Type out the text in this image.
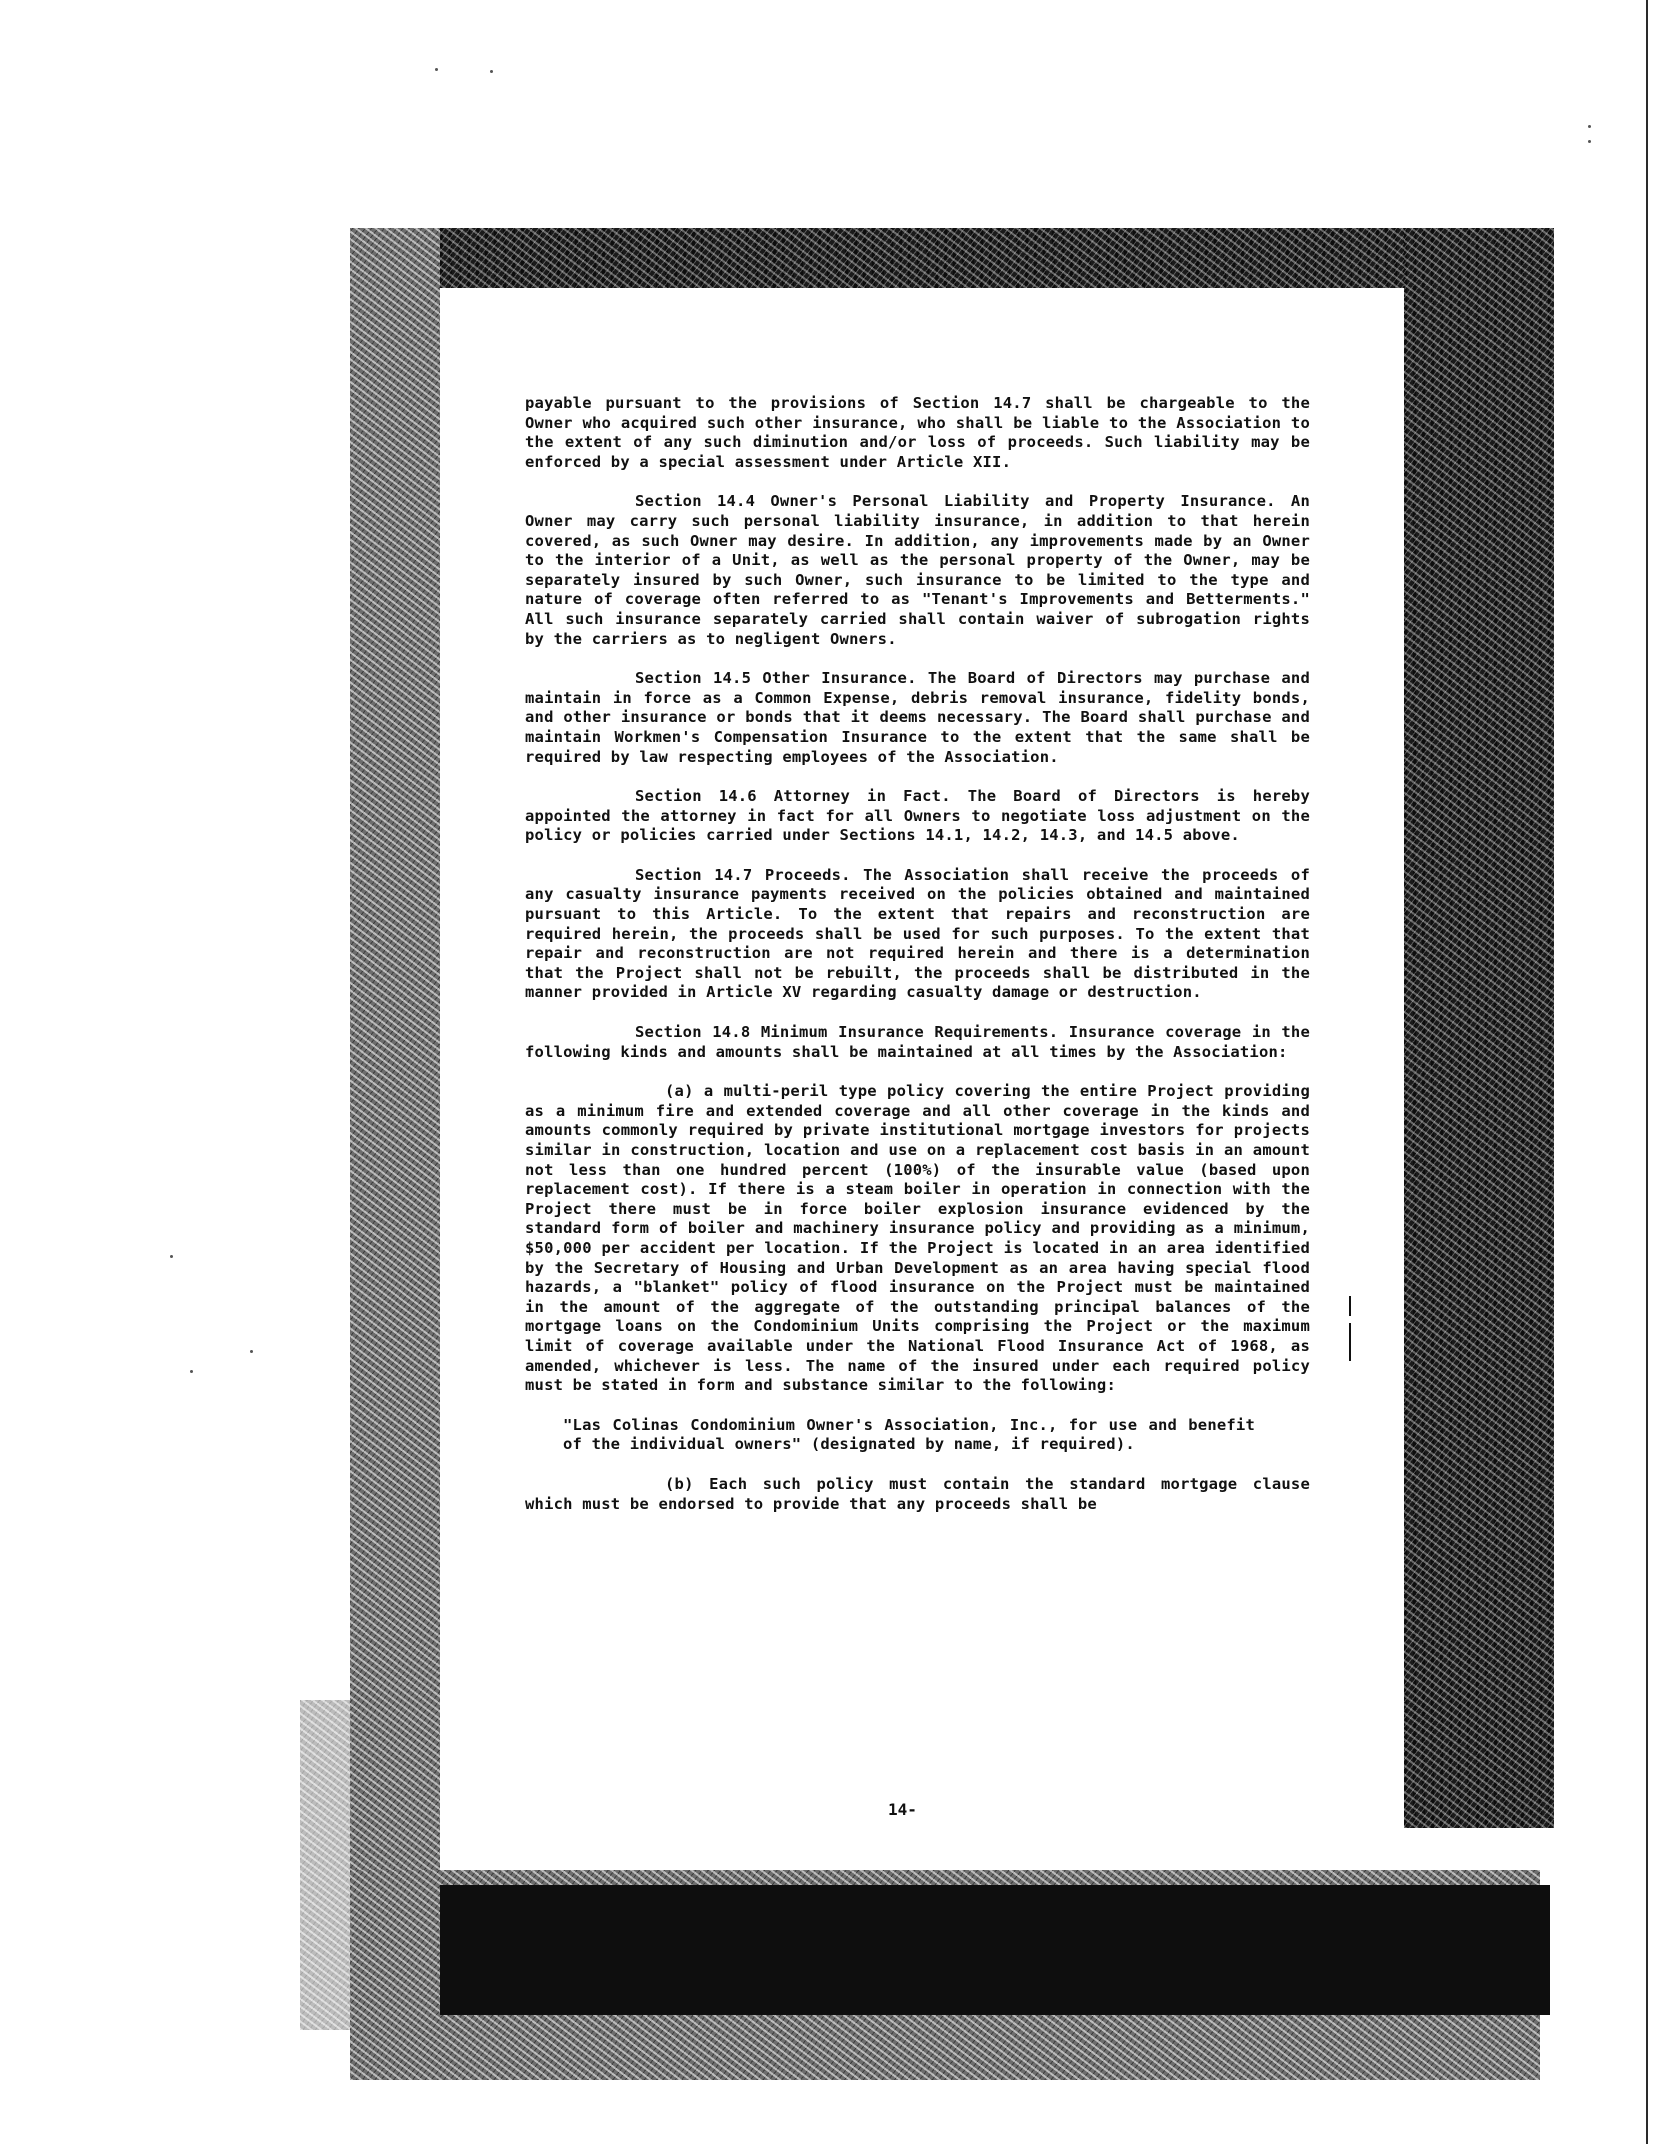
payable pursuant to the provisions of Section 14.7 shall be chargeable to the Owner who acquired such other insurance, who shall be liable to the Association to the extent of any such diminution and/or loss of proceeds. Such liability may be enforced by a special assessment under Article XII.

Section 14.4 Owner's Personal Liability and Property Insurance. An Owner may carry such personal liability insurance, in addition to that herein covered, as such Owner may desire. In addition, any improvements made by an Owner to the interior of a Unit, as well as the personal property of the Owner, may be separately insured by such Owner, such insurance to be limited to the type and nature of coverage often referred to as "Tenant's Improvements and Betterments." All such insurance separately carried shall contain waiver of subrogation rights by the carriers as to negligent Owners.

Section 14.5 Other Insurance. The Board of Directors may purchase and maintain in force as a Common Expense, debris removal insurance, fidelity bonds, and other insurance or bonds that it deems necessary. The Board shall purchase and maintain Workmen's Compensation Insurance to the extent that the same shall be required by law respecting employees of the Association.

Section 14.6 Attorney in Fact. The Board of Directors is hereby appointed the attorney in fact for all Owners to negotiate loss adjustment on the policy or policies carried under Sections 14.1, 14.2, 14.3, and 14.5 above.

Section 14.7 Proceeds. The Association shall receive the proceeds of any casualty insurance payments received on the policies obtained and maintained pursuant to this Article. To the extent that repairs and reconstruction are required herein, the proceeds shall be used for such purposes. To the extent that repair and reconstruction are not required herein and there is a determination that the Project shall not be rebuilt, the proceeds shall be distributed in the manner provided in Article XV regarding casualty damage or destruction.

Section 14.8 Minimum Insurance Requirements. Insurance coverage in the following kinds and amounts shall be maintained at all times by the Association:

(a) a multi-peril type policy covering the entire Project providing as a minimum fire and extended coverage and all other coverage in the kinds and amounts commonly required by private institutional mortgage investors for projects similar in construction, location and use on a replacement cost basis in an amount not less than one hundred percent (100%) of the insurable value (based upon replacement cost). If there is a steam boiler in operation in connection with the Project there must be in force boiler explosion insurance evidenced by the standard form of boiler and machinery insurance policy and providing as a minimum, $50,000 per accident per location. If the Project is located in an area identified by the Secretary of Housing and Urban Development as an area having special flood hazards, a "blanket" policy of flood insurance on the Project must be maintained in the amount of the aggregate of the outstanding principal balances of the mortgage loans on the Condominium Units comprising the Project or the maximum limit of coverage available under the National Flood Insurance Act of 1968, as amended, whichever is less. The name of the insured under each required policy must be stated in form and substance similar to the following:

"Las Colinas Condominium Owner's Association, Inc., for use and benefit of the individual owners" (designated by name, if required).

(b) Each such policy must contain the standard mortgage clause which must be endorsed to provide that any proceeds shall be

14-
